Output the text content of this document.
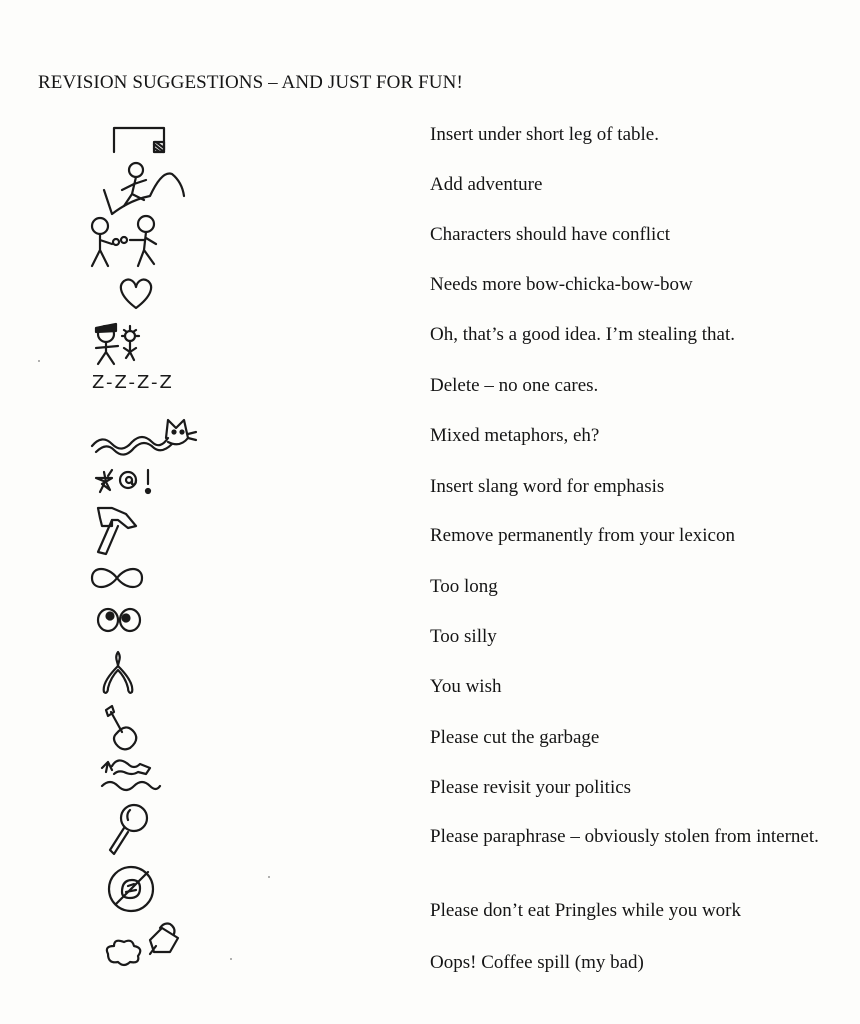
REVISION SUGGESTIONS – AND JUST FOR FUN!
Insert under short leg of table.
Add adventure
Characters should have conflict
Needs more bow-chicka-bow-bow
Oh, that’s a good idea. I’m stealing that.
Z-Z-Z-Z	Delete – no one cares.
Mixed metaphors, eh?
Insert slang word for emphasis
Remove permanently from your lexicon
Too long
Too silly
You wish
Please cut the garbage
Please revisit your politics
Please paraphrase – obviously stolen from internet.
Please don’t eat Pringles while you work
Oops! Coffee spill (my bad)
